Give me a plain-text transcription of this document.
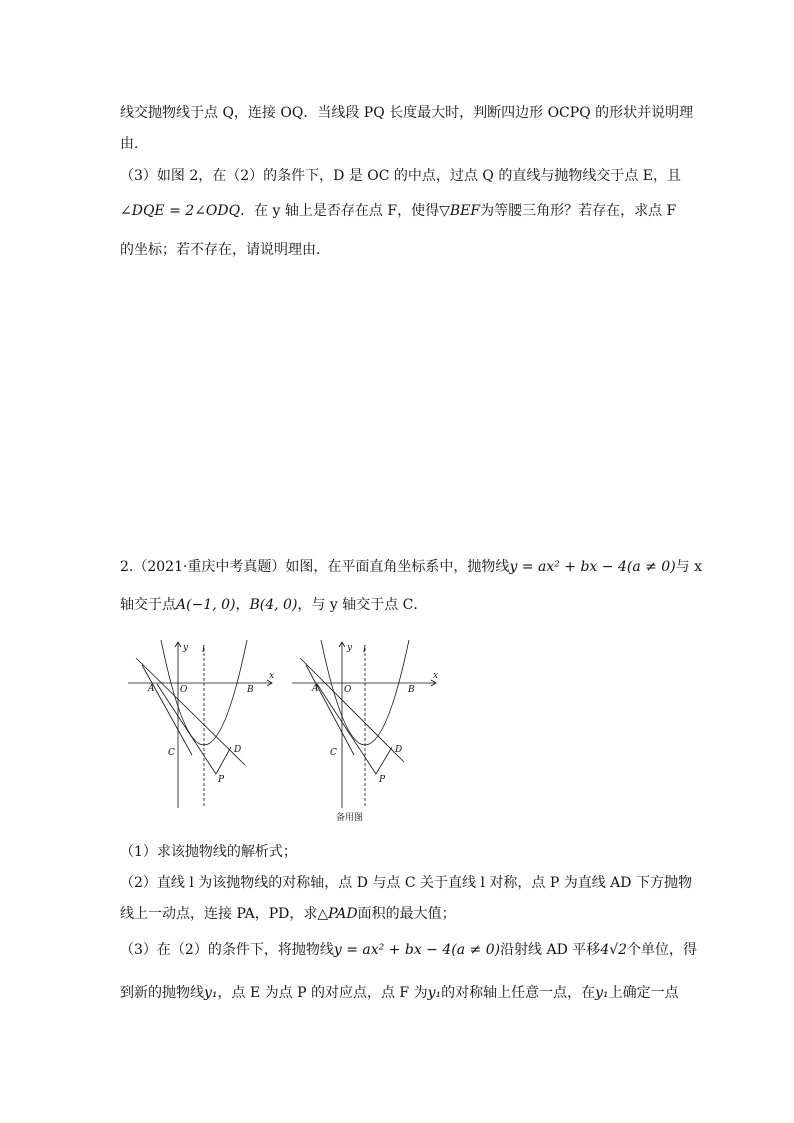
线交抛物线于点 Q，连接 OQ．当线段 PQ 长度最大时，判断四边形 OCPQ 的形状并说明理
由．
（3）如图 2，在（2）的条件下，D 是 OC 的中点，过点 Q 的直线与抛物线交于点 E，且
∠DQE = 2∠ODQ．在 y 轴上是否存在点 F，使得▽BEF为等腰三角形？若存在，求点 F
的坐标；若不存在，请说明理由．
2.（2021·重庆中考真题）如图，在平面直角坐标系中，抛物线y = ax² + bx − 4(a ≠ 0)与 x
轴交于点A(−1, 0)，B(4, 0)，与 y 轴交于点 C．
y l
x
A	O	B
C	D
P
y l
x
A	O	B
C	D
P
备用图
（1）求该抛物线的解析式；
（2）直线 l 为该抛物线的对称轴，点 D 与点 C 关于直线 l 对称，点 P 为直线 AD 下方抛物
线上一动点，连接 PA，PD，求△PAD面积的最大值；
（3）在（2）的条件下，将抛物线y = ax² + bx − 4(a ≠ 0)沿射线 AD 平移4√2个单位，得
到新的抛物线y₁，点 E 为点 P 的对应点，点 F 为y₁的对称轴上任意一点，在y₁上确定一点
